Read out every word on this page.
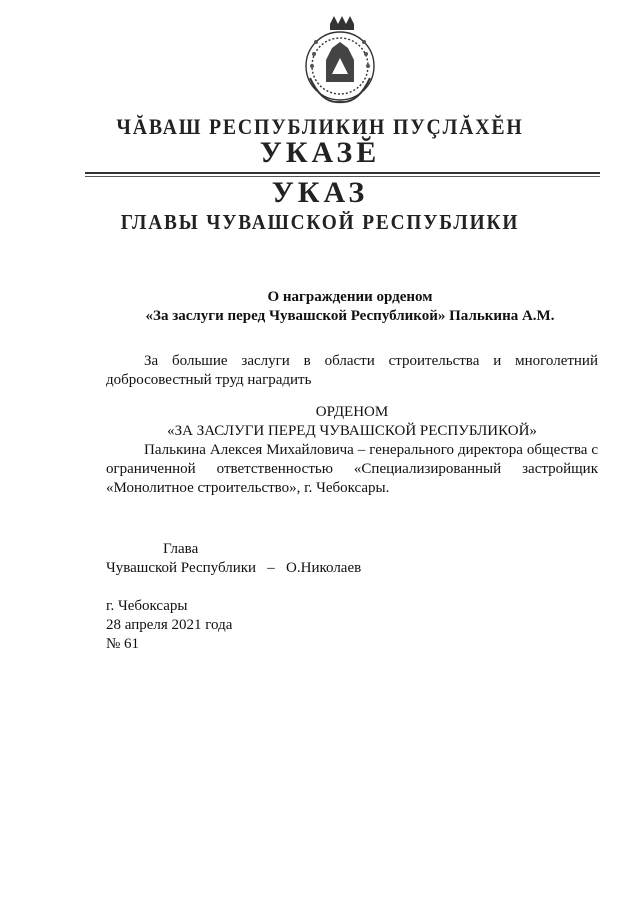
ЧĂВАШ РЕСПУБЛИКИН ПУÇЛĂХĔН
УКАЗĔ
УКАЗ
ГЛАВЫ ЧУВАШСКОЙ РЕСПУБЛИКИ
О награждении орденом
«За заслуги перед Чувашской Республикой» Палькина А.М.
За большие заслуги в области строительства и многолетний добросовестный труд наградить
ОРДЕНОМ
«ЗА ЗАСЛУГИ ПЕРЕД ЧУВАШСКОЙ РЕСПУБЛИКОЙ»
Палькина Алексея Михайловича – генерального директора общества с ограниченной ответственностью «Специализированный застройщик «Монолитное строительство», г. Чебоксары.
Глава
Чувашской Республики   –   О.Николаев
г. Чебоксары
28 апреля 2021 года
№ 61
